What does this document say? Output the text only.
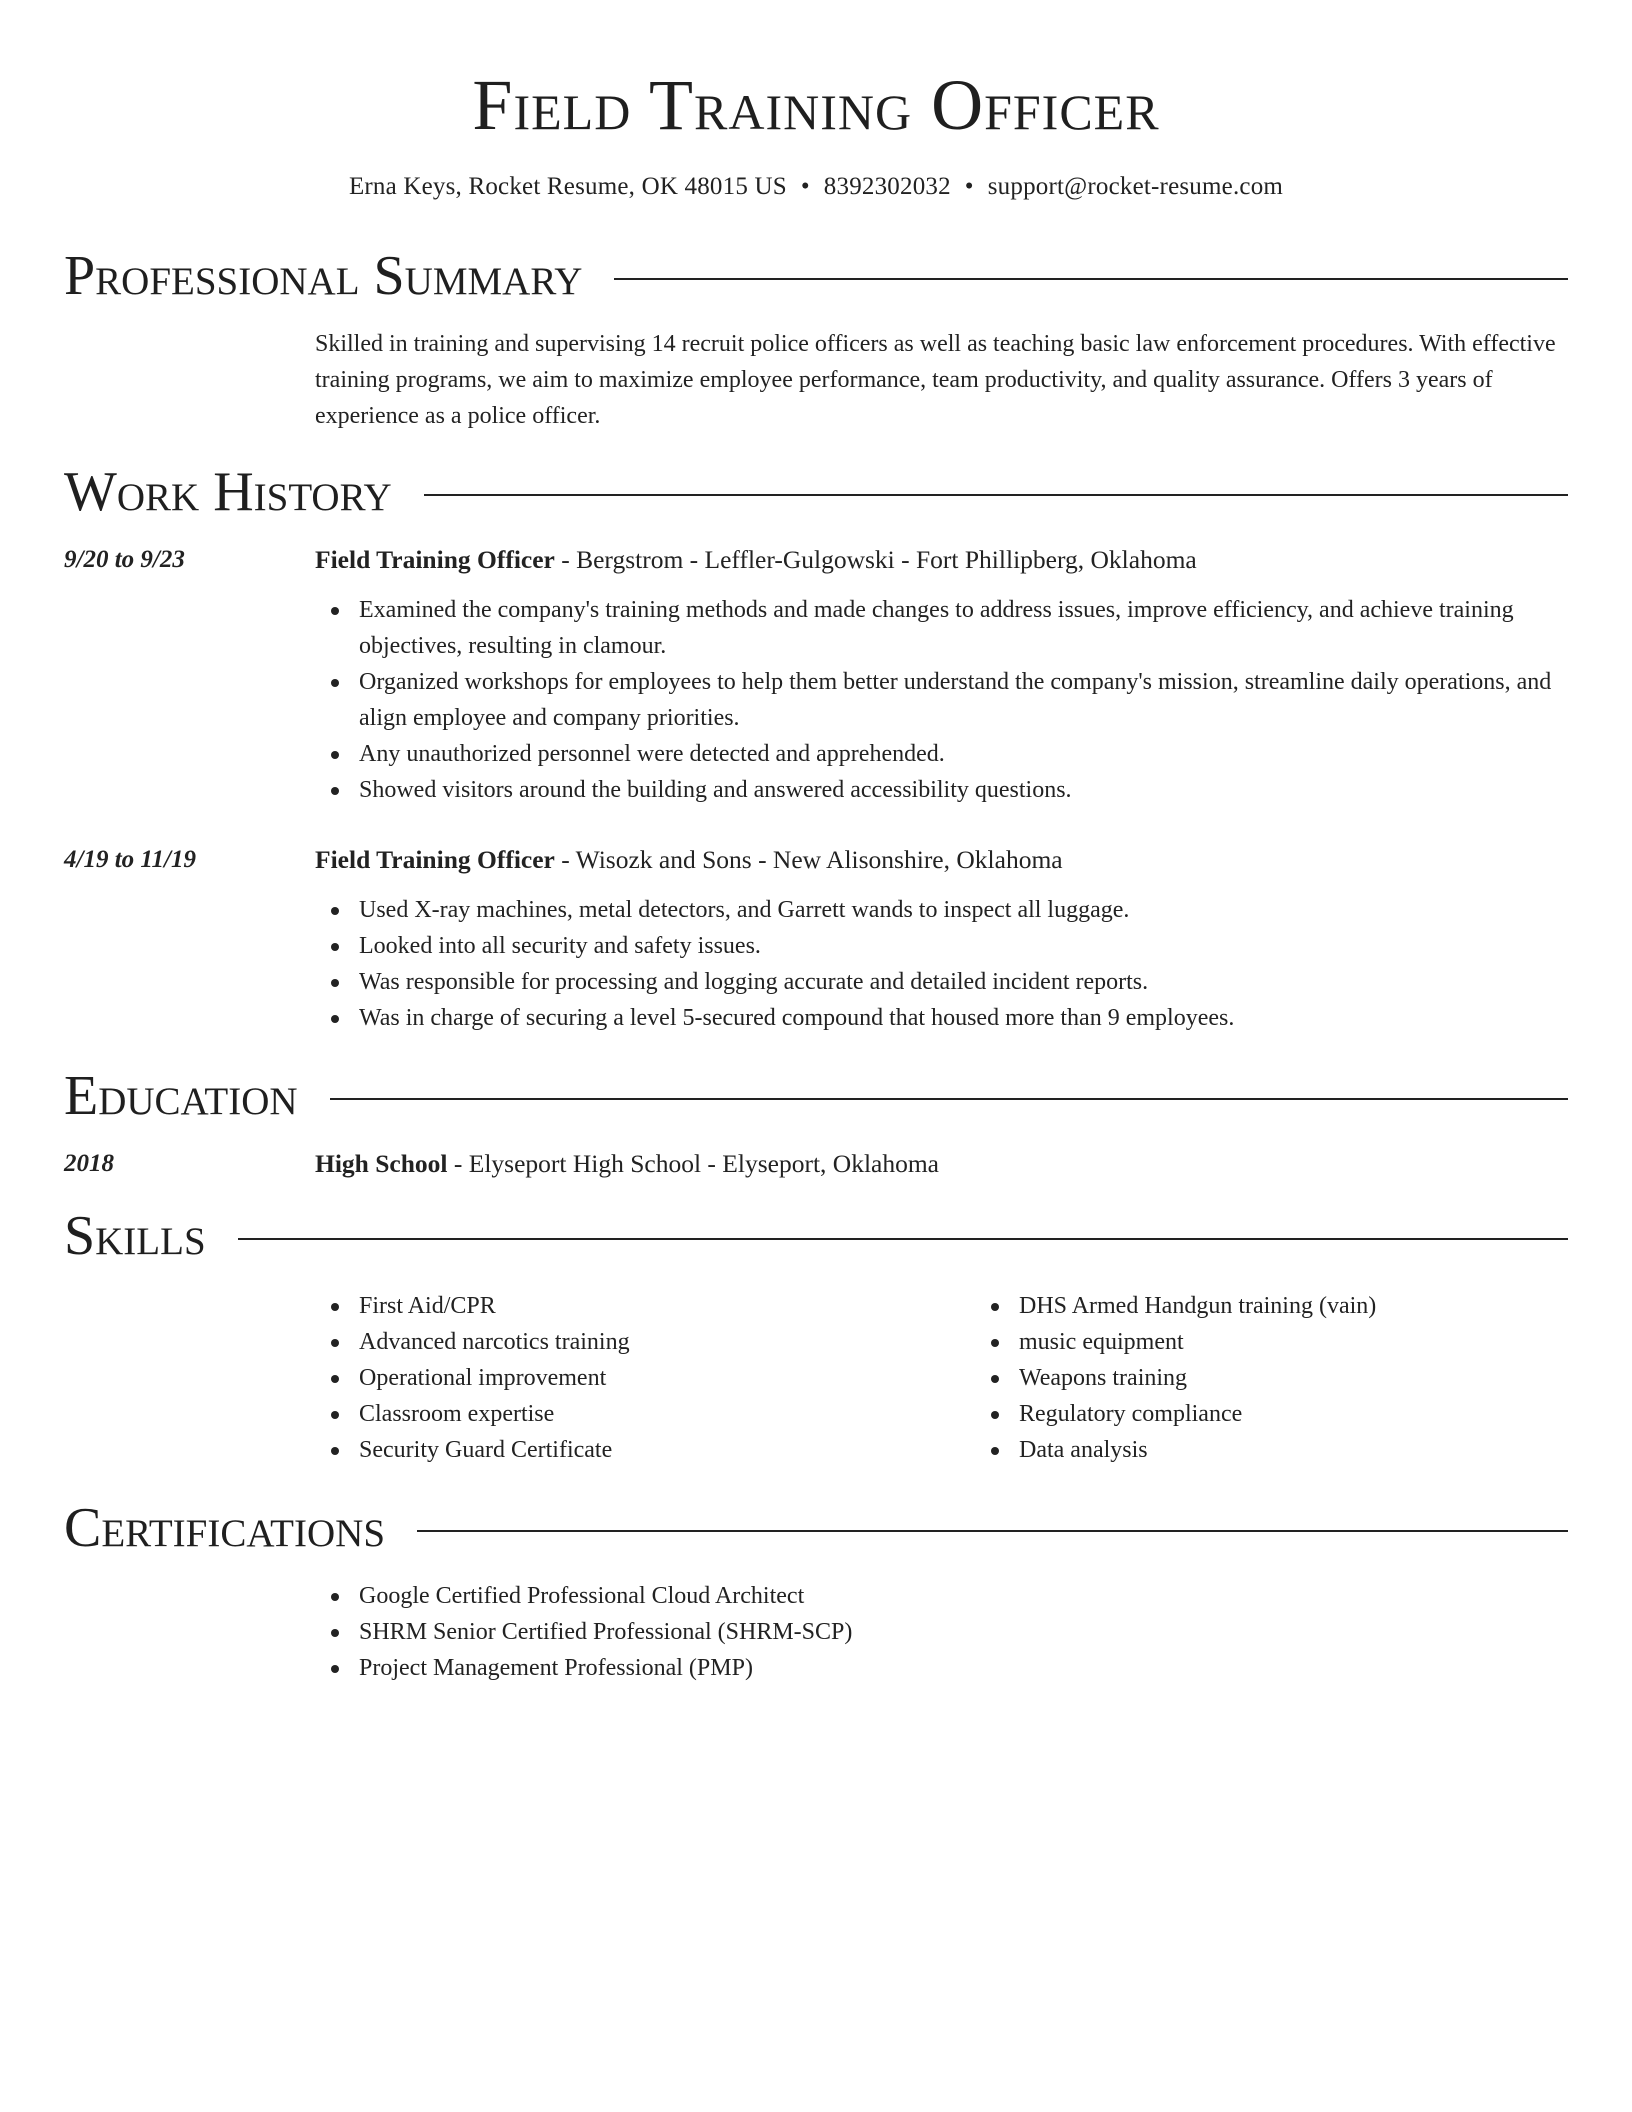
Field Training Officer
Erna Keys, Rocket Resume, OK 48015 US • 8392302032 • support@rocket-resume.com
Professional Summary
Skilled in training and supervising 14 recruit police officers as well as teaching basic law enforcement procedures. With effective training programs, we aim to maximize employee performance, team productivity, and quality assurance. Offers 3 years of experience as a police officer.
Work History
9/20 to 9/23	Field Training Officer - Bergstrom - Leffler-Gulgowski - Fort Phillipberg, Oklahoma
Examined the company's training methods and made changes to address issues, improve efficiency, and achieve training objectives, resulting in clamour.
Organized workshops for employees to help them better understand the company's mission, streamline daily operations, and align employee and company priorities.
Any unauthorized personnel were detected and apprehended.
Showed visitors around the building and answered accessibility questions.
4/19 to 11/19	Field Training Officer - Wisozk and Sons - New Alisonshire, Oklahoma
Used X-ray machines, metal detectors, and Garrett wands to inspect all luggage.
Looked into all security and safety issues.
Was responsible for processing and logging accurate and detailed incident reports.
Was in charge of securing a level 5-secured compound that housed more than 9 employees.
Education
2018	High School - Elyseport High School - Elyseport, Oklahoma
Skills
First Aid/CPR
Advanced narcotics training
Operational improvement
Classroom expertise
Security Guard Certificate
DHS Armed Handgun training (vain)
music equipment
Weapons training
Regulatory compliance
Data analysis
Certifications
Google Certified Professional Cloud Architect
SHRM Senior Certified Professional (SHRM-SCP)
Project Management Professional (PMP)
